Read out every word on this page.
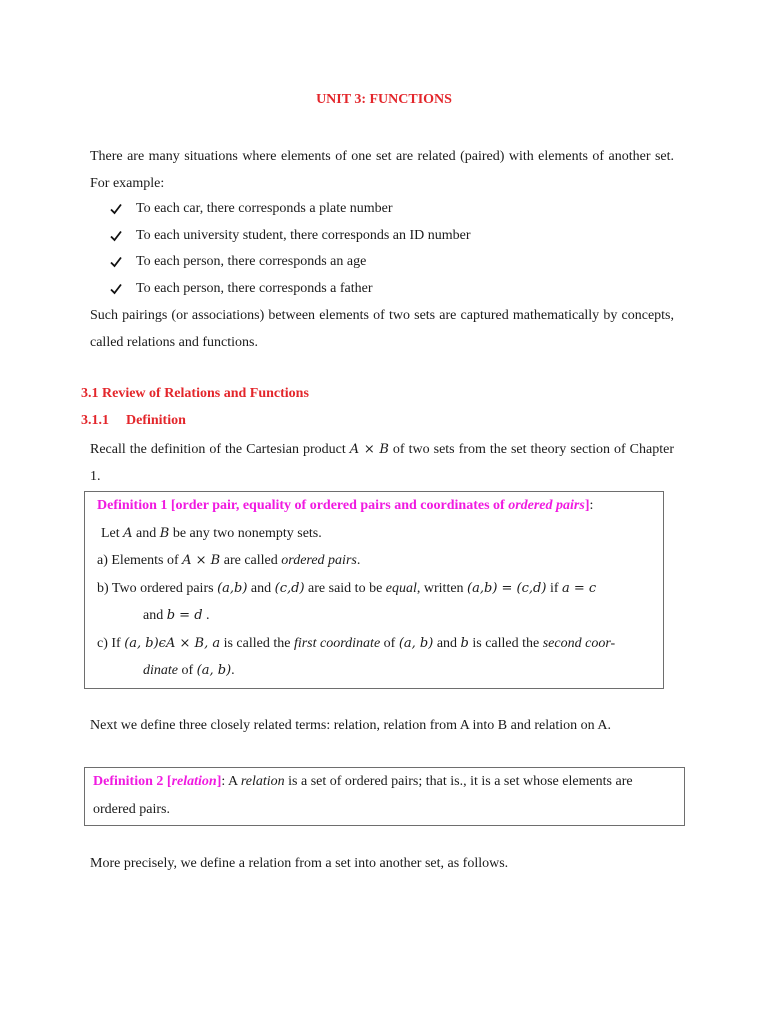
UNIT 3: FUNCTIONS
There are many situations where elements of one set are related (paired) with elements of another set. For example:
To each car, there corresponds a plate number
To each university student, there corresponds an ID number
To each person, there corresponds an age
To each person, there corresponds a father
Such pairings (or associations) between elements of two sets are captured mathematically by concepts, called relations and functions.
3.1 Review of Relations and Functions
3.1.1 Definition
Recall the definition of the Cartesian product A × B of two sets from the set theory section of Chapter 1.
Definition 1 [order pair, equality of ordered pairs and coordinates of ordered pairs]:
Let A and B be any two nonempty sets.
a) Elements of A × B are called ordered pairs.
b) Two ordered pairs (a,b) and (c,d) are said to be equal, written (a,b) = (c,d) if a = c
and b = d .
c) If (a, b)ϵA × B, a is called the first coordinate of (a, b) and b is called the second coor-
dinate of (a, b).
Next we define three closely related terms: relation, relation from A into B and relation on A.
Definition 2 [relation]: A relation is a set of ordered pairs; that is., it is a set whose elements are
ordered pairs.
More precisely, we define a relation from a set into another set, as follows.
